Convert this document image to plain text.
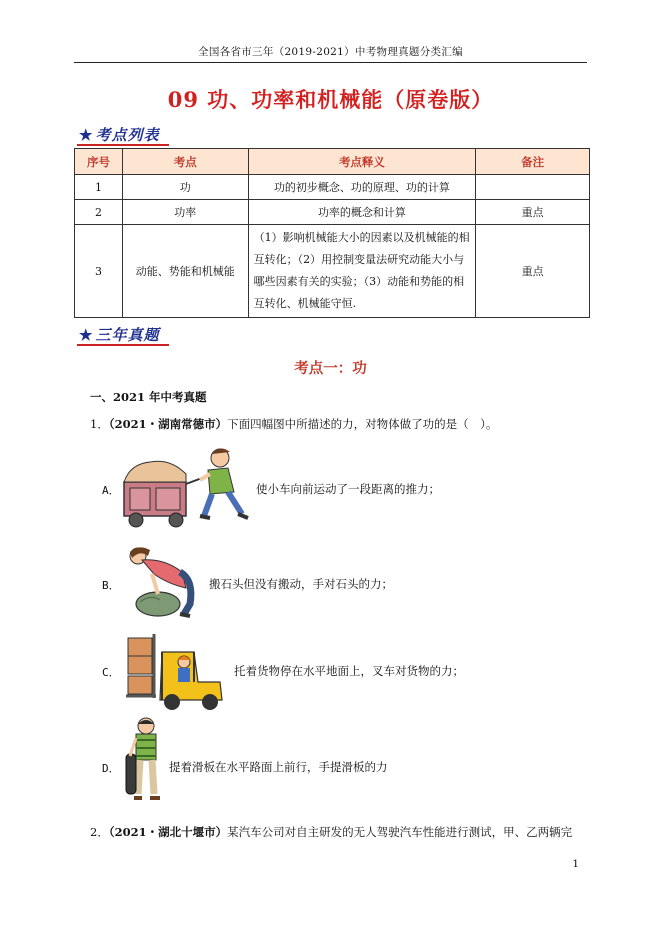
全国各省市三年（2019-2021）中考物理真题分类汇编
09 功、功率和机械能（原卷版）
★ 考点列表
序号	考点	考点释义	备注
1	功	功的初步概念、功的原理、功的计算	
2	功率	功率的概念和计算	重点
3	动能、势能和机械能	（1）影响机械能大小的因素以及机械能的相
互转化；（2）用控制变量法研究动能大小与
哪些因素有关的实验；（3）动能和势能的相
互转化、机械能守恒.	重点
★ 三年真题
考点一：功
一、2021 年中考真题
1．（2021・湖南常德市）下面四幅图中所描述的力，对物体做了功的是（　）。
A．	使小车向前运动了一段距离的推力；
B．	搬石头但没有搬动，手对石头的力；
C．	托着货物停在水平地面上，叉车对货物的力；
D．	提着滑板在水平路面上前行，手提滑板的力
2．（2021・湖北十堰市）某汽车公司对自主研发的无人驾驶汽车性能进行测试，甲、乙两辆完
1
